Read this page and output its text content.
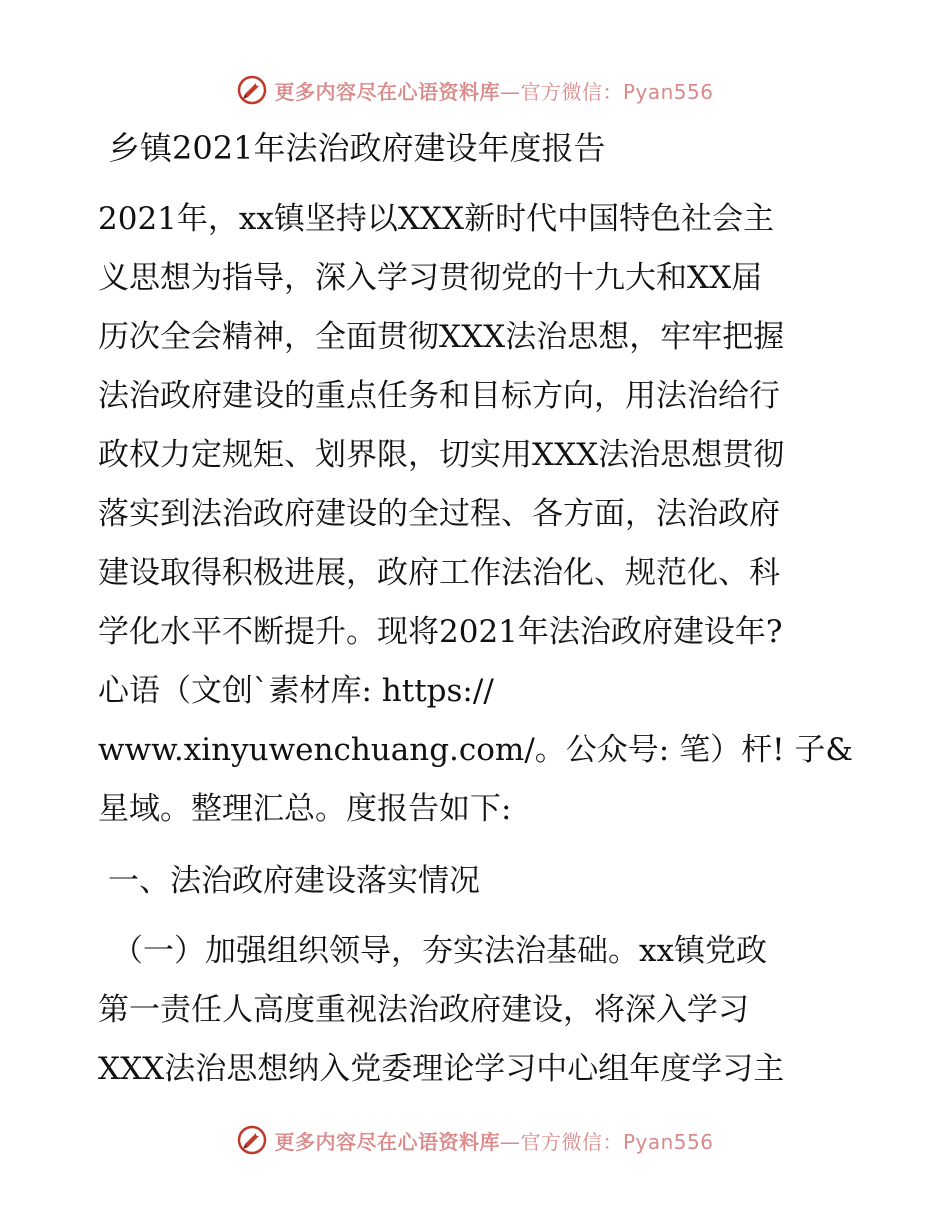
更多内容尽在心语资料库—官方微信：Pyan556
乡镇2021年法治政府建设年度报告
2021年，xx镇坚持以XXX新时代中国特色社会主
义思想为指导，深入学习贯彻党的十九大和XX届
历次全会精神，全面贯彻XXX法治思想，牢牢把握
法治政府建设的重点任务和目标方向，用法治给行
政权力定规矩、划界限，切实用XXX法治思想贯彻
落实到法治政府建设的全过程、各方面，法治政府
建设取得积极进展，政府工作法治化、规范化、科
学化水平不断提升。现将2021年法治政府建设年?
心语（文创`素材库: https://
www.xinyuwenchuang.com/。公众号: 笔）杆! 子&
星域。整理汇总。度报告如下:
一、法治政府建设落实情况
（一）加强组织领导，夯实法治基础。xx镇党政
第一责任人高度重视法治政府建设，将深入学习
XXX法治思想纳入党委理论学习中心组年度学习主
更多内容尽在心语资料库—官方微信：Pyan556
